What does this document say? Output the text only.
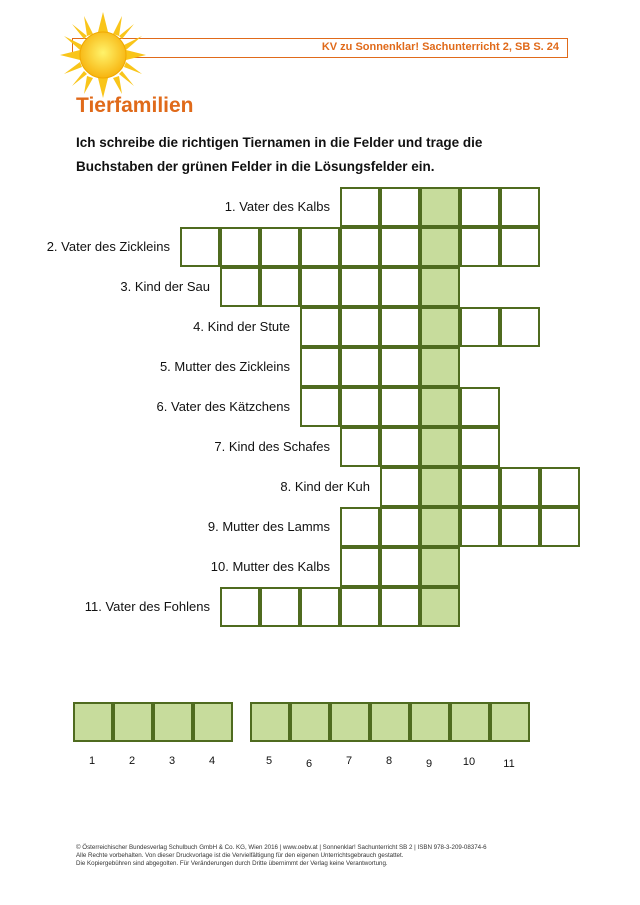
KV zu Sonnenklar! Sachunterricht 2, SB S. 24
Tierfamilien
Ich schreibe die richtigen Tiernamen in die Felder und trage die
Buchstaben der grünen Felder in die Lösungsfelder ein.
1. Vater des Kalbs
2. Vater des Zickleins
3. Kind der Sau
4. Kind der Stute
5. Mutter des Zickleins
6. Vater des Kätzchens
7. Kind des Schafes
8. Kind der Kuh
9. Mutter des Lamms
10. Mutter des Kalbs
11. Vater des Fohlens
1	2	3	4	5	6	7	8	9	10	11
© Österreichischer Bundesverlag Schulbuch GmbH & Co. KG, Wien 2016 | www.oebv.at | Sonnenklar! Sachunterricht SB 2 | ISBN 978-3-209-08374-6
Alle Rechte vorbehalten. Von dieser Druckvorlage ist die Vervielfältigung für den eigenen Unterrichtsgebrauch gestattet.
Die Kopiergebühren sind abgegolten. Für Veränderungen durch Dritte übernimmt der Verlag keine Verantwortung.
